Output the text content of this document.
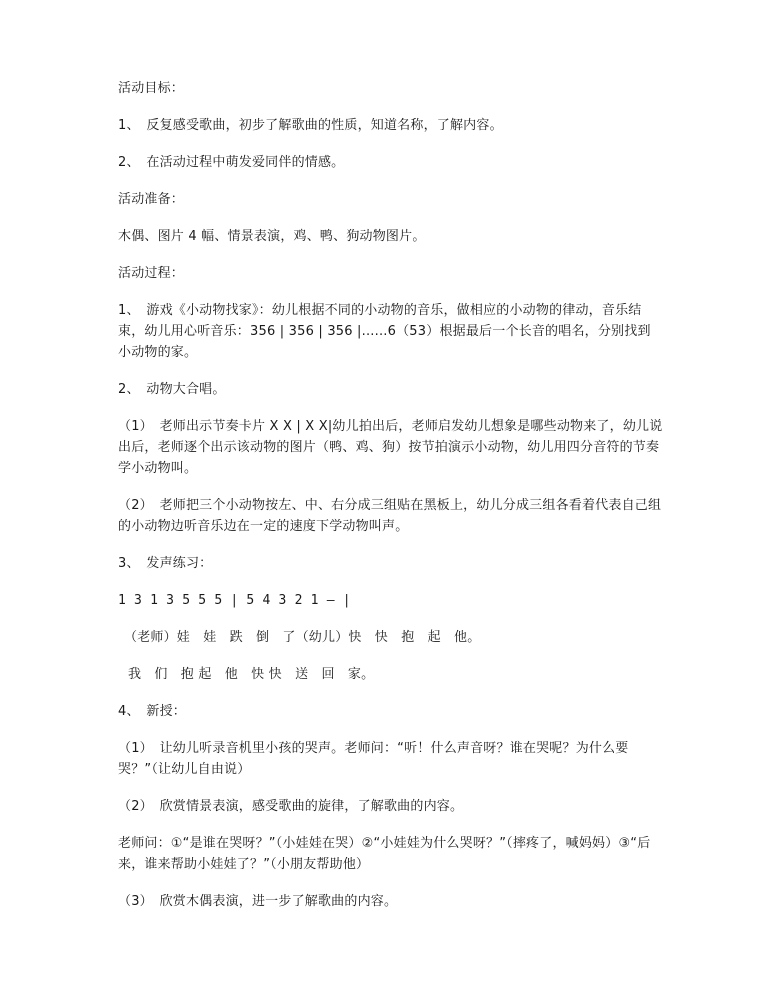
活动目标：

1、　反复感受歌曲，初步了解歌曲的性质，知道名称，了解内容。

2、　在活动过程中萌发爱同伴的情感。

活动准备：

木偶、图片 4 幅、情景表演，鸡、鸭、狗动物图片。

活动过程：

1、　游戏《小动物找家》：幼儿根据不同的小动物的音乐，做相应的小动物的律动，音乐结束，幼儿用心听音乐：356 | 356 | 356 |......6（53）根据最后一个长音的唱名，分别找到小动物的家。

2、　动物大合唱。

（1）　老师出示节奏卡片 X X | X X|幼儿拍出后，老师启发幼儿想象是哪些动物来了，幼儿说出后，老师逐个出示该动物的图片（鸭、鸡、狗）按节拍演示小动物，幼儿用四分音符的节奏学小动物叫。

（2）　老师把三个小动物按左、中、右分成三组贴在黑板上，幼儿分成三组各看着代表自己组的小动物边听音乐边在一定的速度下学动物叫声。

3、　发声练习：

1 3 1 3 5 5 5 | 5 4 3 2 1 — |

（老师）娃　娃　跌　倒　了（幼儿）快　快　抱　起　他。

我　们　抱 起　他　快 快　送　回　家。

4、　新授：

（1）　让幼儿听录音机里小孩的哭声。老师问：“听！什么声音呀？谁在哭呢？为什么要哭？”（让幼儿自由说）

（2）　欣赏情景表演，感受歌曲的旋律，了解歌曲的内容。

老师问：①“是谁在哭呀？”（小娃娃在哭）②“小娃娃为什么哭呀？”（摔疼了，喊妈妈）③“后来，谁来帮助小娃娃了？”（小朋友帮助他）

（3）　欣赏木偶表演，进一步了解歌曲的内容。
